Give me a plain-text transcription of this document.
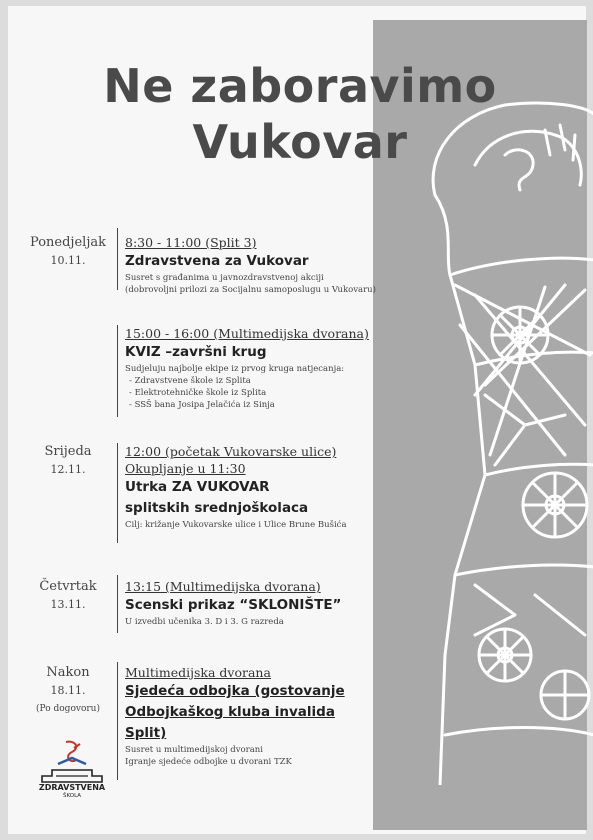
Ne zaboravimo
Vukovar
Ponedjeljak
10.11.
Srijeda
12.11.
Četvrtak
13.11.
Nakon
18.11.
(Po dogovoru)
8:30 - 11:00 (Split 3)
Zdravstvena za Vukovar
Susret s građanima u javnozdravstvenoj akciji
(dobrovoljni prilozi za Socijalnu samoposlugu u Vukovaru)
15:00 - 16:00 (Multimedijska dvorana)
KVIZ –završni krug
Sudjeluju najbolje ekipe iz prvog kruga natjecanja:
- Zdravstvene škole iz Splita
- Elektrotehničke škole iz Splita
- SSŠ bana Josipa Jelačića iz Sinja
12:00 (početak Vukovarske ulice)
Okupljanje u 11:30
Utrka ZA VUKOVAR
splitskih srednjoškolaca
Cilj: križanje Vukovarske ulice i Ulice Brune Bušića
13:15 (Multimedijska dvorana)
Scenski prikaz “SKLONIŠTE”
U izvedbi učenika 3. D i 3. G razreda
Multimedijska dvorana
Sjedeća odbojka (gostovanje
Odbojkaškog kluba invalida
Split)
Susret u multimedijskoj dvorani
Igranje sjedeće odbojke u dvorani TZK
ZDRAVSTVENA
ŠKOLA
